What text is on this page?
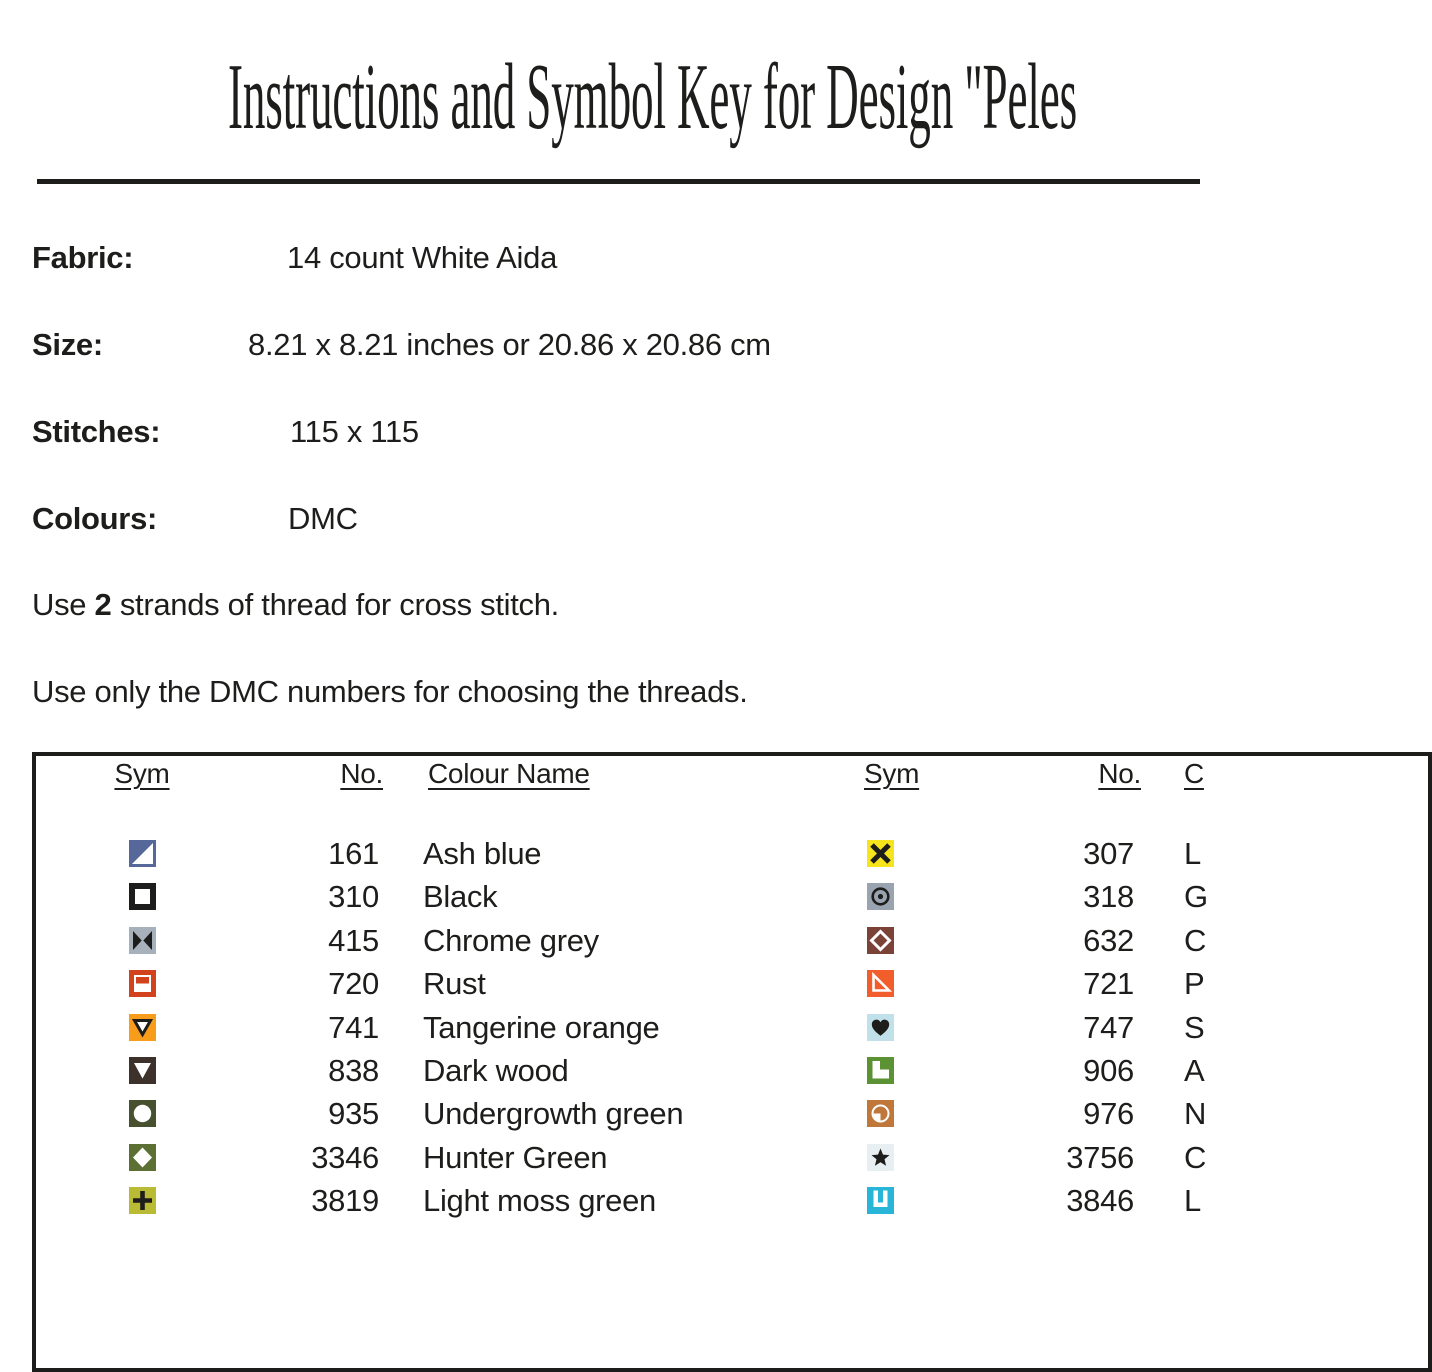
Instructions and Symbol Key for Design "Peles
Fabric:	14 count White Aida
Size:	8.21 x 8.21 inches or 20.86 x 20.86 cm
Stitches:	115 x 115
Colours:	DMC
Use 2 strands of thread for cross stitch.
Use only the DMC numbers for choosing the threads.
Sym	No. Colour Name	Sym	No. C
161 Ash blue	307 L
310 Black	318 G
415 Chrome grey	632 C
720 Rust	721 P
741 Tangerine orange	747 S
838 Dark wood	906 A
935 Undergrowth green	976 N
3346 Hunter Green	3756 C
3819 Light moss green	3846 L
